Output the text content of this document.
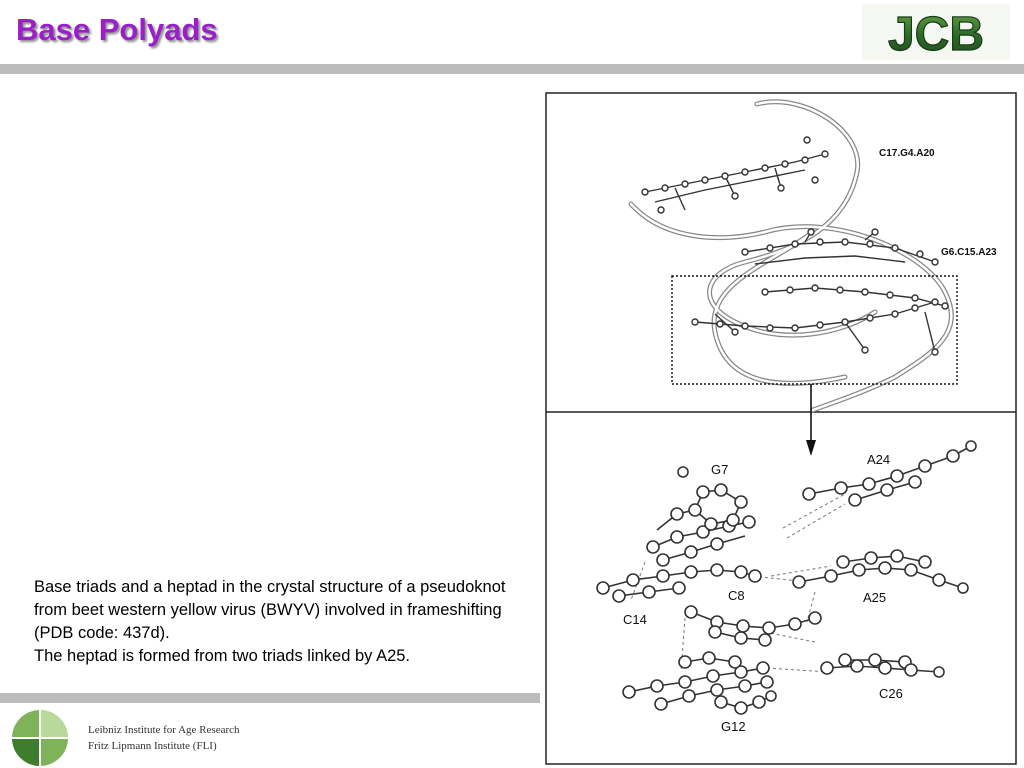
Base Polyads	JCB

Base triads and a heptad in the crystal structure of a pseudoknot from beet western yellow virus (BWYV) involved in frameshifting (PDB code: 437d).

The heptad is formed from two triads linked by A25.

C17.G4.A20
G6.C15.A23
G7
A24
C8
C14
A25
C26
G12
Leibniz Institute for Age Research
Fritz Lipmann Institute (FLI)
